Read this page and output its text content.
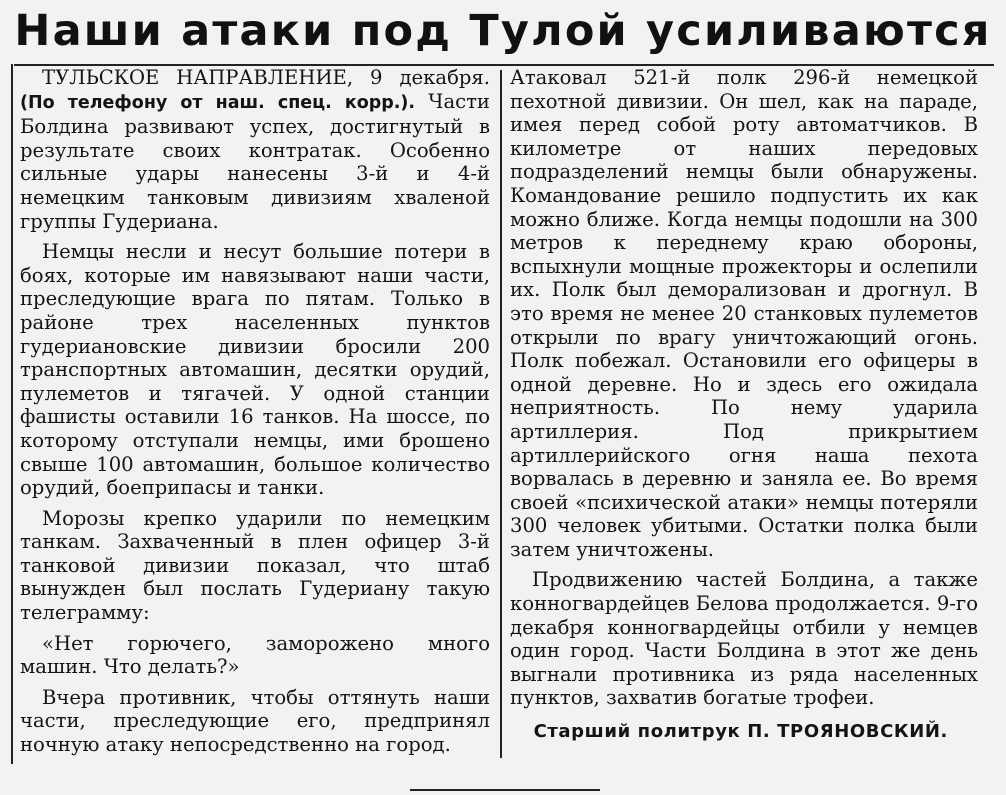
Наши атаки под Тулой усиливаются

ТУЛЬСКОЕ НАПРАВЛЕНИЕ, 9 декабря. (По телефону от наш. спец. корр.). Части Болдина развивают успех, достигнутый в результате своих контратак. Особенно сильные удары нанесены 3-й и 4-й немецким танковым дивизиям хваленой группы Гудериана.

Немцы несли и несут большие потери в боях, которые им навязывают наши части, преследующие врага по пятам. Только в районе трех населенных пунктов гудериановские дивизии бросили 200 транспортных автомашин, десятки орудий, пулеметов и тягачей. У одной станции фашисты оставили 16 танков. На шоссе, по которому отступали немцы, ими брошено свыше 100 автомашин, большое количество орудий, боеприпасы и танки.

Морозы крепко ударили по немецким танкам. Захваченный в плен офицер 3-й танковой дивизии показал, что штаб вынужден был послать Гудериану такую телеграмму:

«Нет горючего, заморожено много машин. Что делать?»

Вчера противник, чтобы оттянуть наши части, преследующие его, предпринял ночную атаку непосредственно на город.

Атаковал 521-й полк 296-й немецкой пехотной дивизии. Он шел, как на параде, имея перед собой роту автоматчиков. В километре от наших передовых подразделений немцы были обнаружены. Командование решило подпустить их как можно ближе. Когда немцы подошли на 300 метров к переднему краю обороны, вспыхнули мощные прожекторы и ослепили их. Полк был деморализован и дрогнул. В это время не менее 20 станковых пулеметов открыли по врагу уничтожающий огонь. Полк побежал. Остановили его офицеры в одной деревне. Но и здесь его ожидала неприятность. По нему ударила артиллерия. Под прикрытием артиллерийского огня наша пехота ворвалась в деревню и заняла ее. Во время своей «психической атаки» немцы потеряли 300 человек убитыми. Остатки полка были затем уничтожены.

Продвижению частей Болдина, а также конногвардейцев Белова продолжается. 9-го декабря конногвардейцы отбили у немцев один город. Части Болдина в этот же день выгнали противника из ряда населенных пунктов, захватив богатые трофеи.

Старший политрук П. ТРОЯНОВСКИЙ.
